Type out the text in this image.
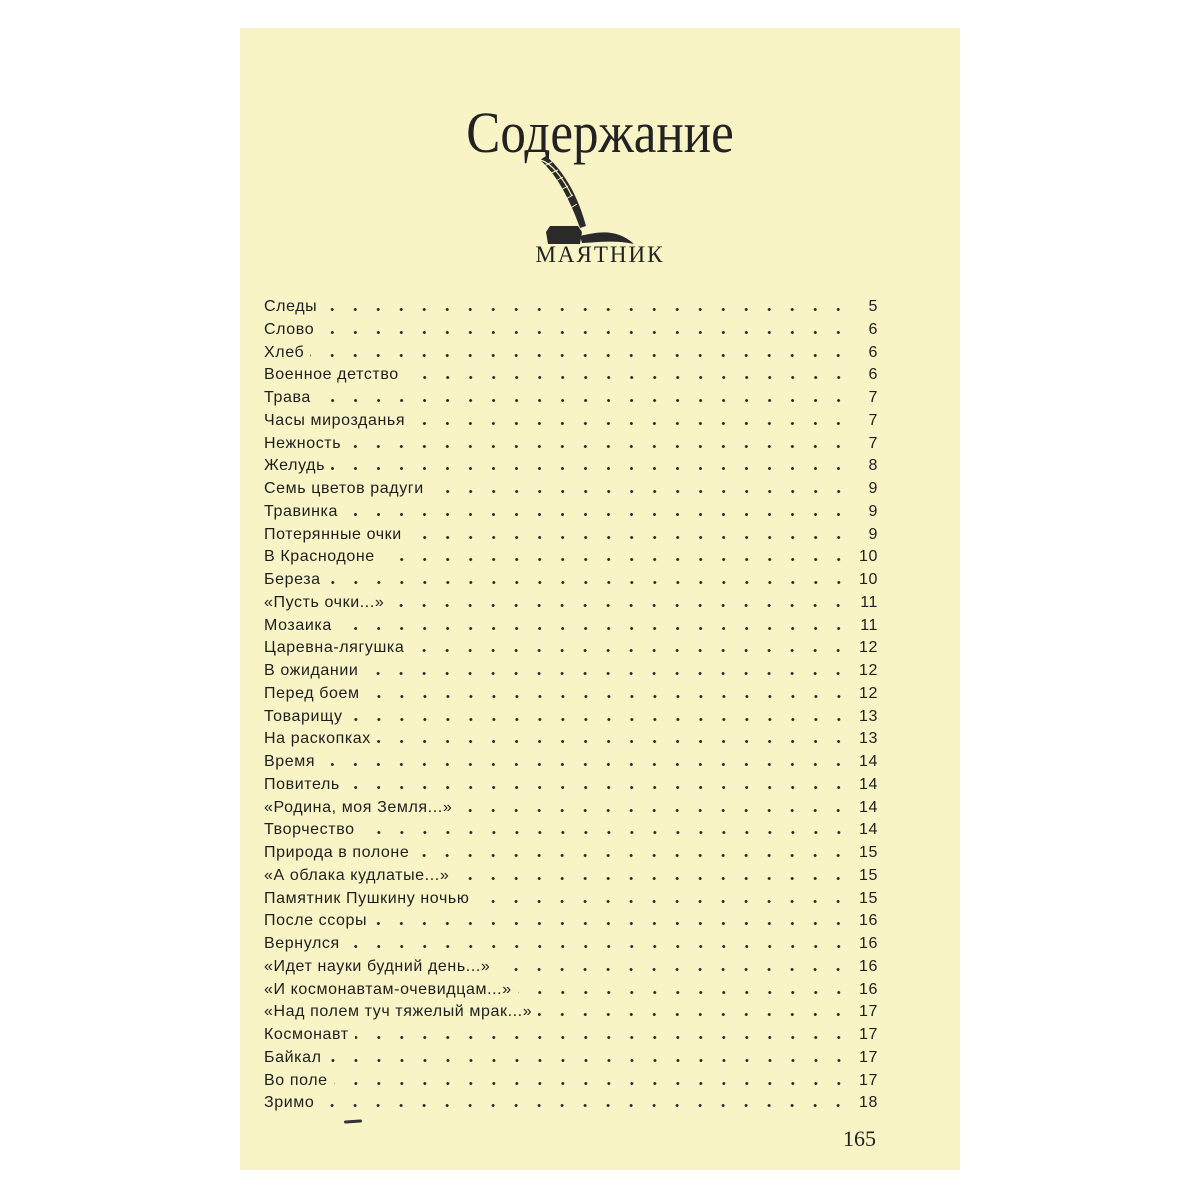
Содержание
МАЯТНИК
Следы	5
Слово	6
Хлеб	6
Военное детство	6
Трава	7
Часы мирозданья	7
Нежность	7
Желудь	8
Семь цветов радуги	9
Травинка	9
Потерянные очки	9
В Краснодоне	10
Береза	10
«Пусть очки...»	11
Мозаика	11
Царевна-лягушка	12
В ожидании	12
Перед боем	12
Товарищу	13
На раскопках	13
Время	14
Повитель	14
«Родина, моя Земля...»	14
Творчество	14
Природа в полоне	15
«А облака кудлатые...»	15
Памятник Пушкину ночью	15
После ссоры	16
Вернулся	16
«Идет науки будний день...»	16
«И космонавтам-очевидцам...»	16
«Над полем туч тяжелый мрак...»	17
Космонавт	17
Байкал	17
Во поле	17
Зримо	18
165
